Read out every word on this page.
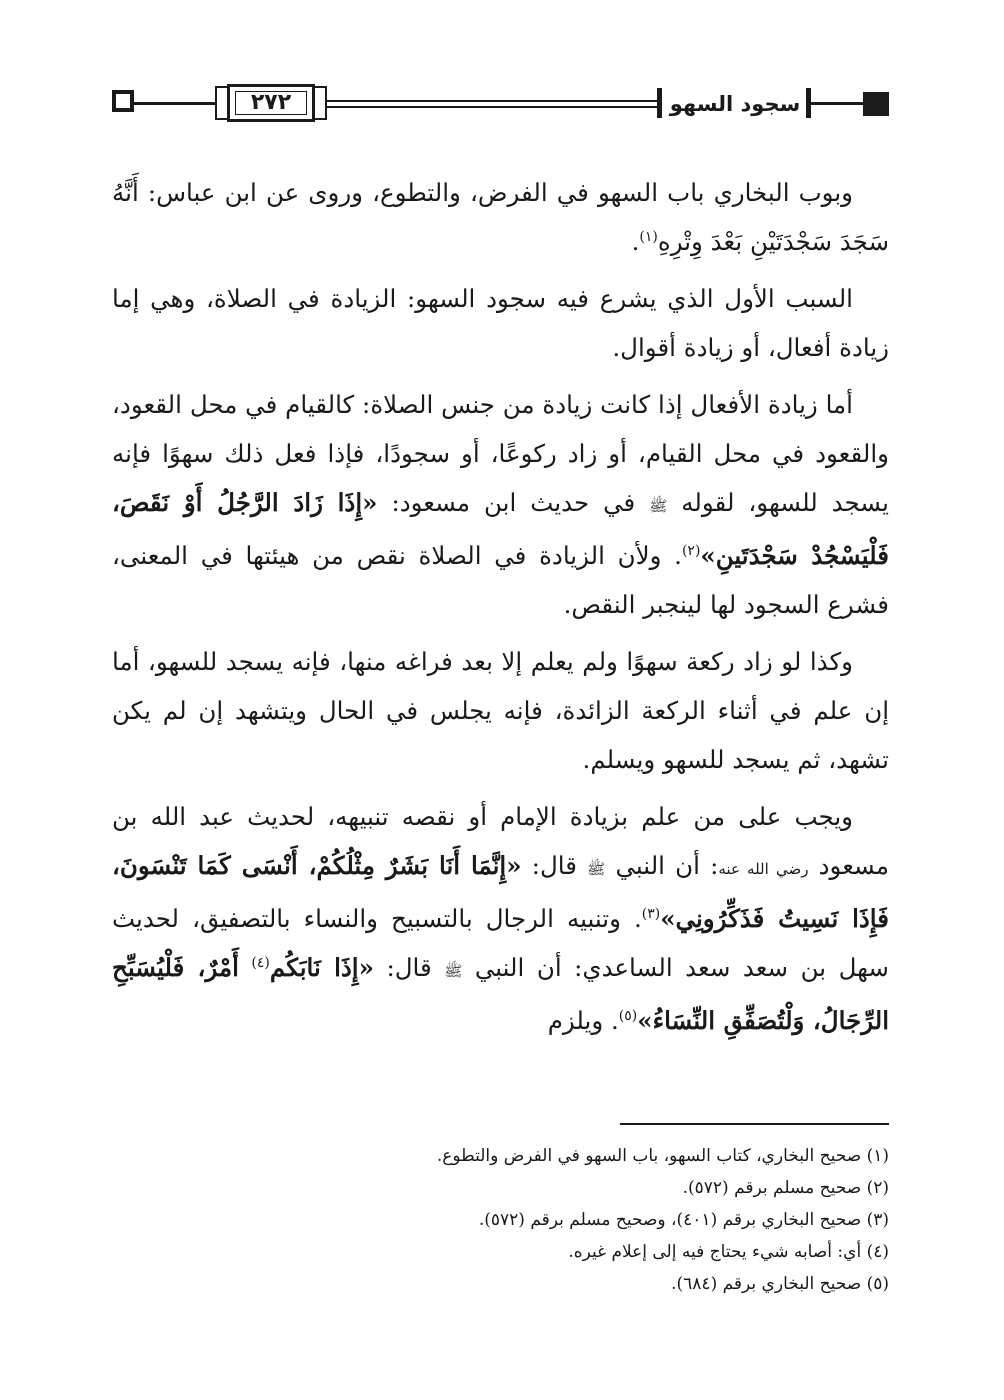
٢٧٢	سجود السهو

وبوب البخاري باب السهو في الفرض، والتطوع، وروى عن ابن عباس: أَنَّهُ سَجَدَ سَجْدَتَيْنِ بَعْدَ وِتْرِهِ$^{(١)}$.

السبب الأول الذي يشرع فيه سجود السهو: الزيادة في الصلاة، وهي إما زيادة أفعال، أو زيادة أقوال.

أما زيادة الأفعال إذا كانت زيادة من جنس الصلاة: كالقيام في محل القعود، والقعود في محل القيام، أو زاد ركوعًا، أو سجودًا، فإذا فعل ذلك سهوًا فإنه يسجد للسهو، لقوله ﷺ في حديث ابن مسعود: «إِذَا زَادَ الرَّجُلُ أَوْ نَقَصَ، فَلْيَسْجُدْ سَجْدَتَينِ»$^{(٢)}$. ولأن الزيادة في الصلاة نقص من هيئتها في المعنى، فشرع السجود لها لينجبر النقص.

وكذا لو زاد ركعة سهوًا ولم يعلم إلا بعد فراغه منها، فإنه يسجد للسهو، أما إن علم في أثناء الركعة الزائدة، فإنه يجلس في الحال ويتشهد إن لم يكن تشهد، ثم يسجد للسهو ويسلم.

ويجب على من علم بزيادة الإمام أو نقصه تنبيهه، لحديث عبد الله بن مسعود رضي الله عنه: أن النبي ﷺ قال: «إِنَّمَا أَنَا بَشَرٌ مِثْلُكُمْ، أَنْسَى كَمَا تَنْسَونَ، فَإِذَا نَسِيتُ فَذَكِّرُونِي»$^{(٣)}$. وتنبيه الرجال بالتسبيح والنساء بالتصفيق، لحديث سهل بن سعد سعد الساعدي: أن النبي ﷺ قال: «إِذَا نَابَكُم$^{(٤)}$ أَمْرٌ، فَلْيُسَبِّحِ الرِّجَالُ، وَلْتُصَفِّقِ النِّسَاءُ»$^{(٥)}$. ويلزم

(١) صحيح البخاري، كتاب السهو، باب السهو في الفرض والتطوع.
(٢) صحيح مسلم برقم (٥٧٢).
(٣) صحيح البخاري برقم (٤٠١)، وصحيح مسلم برقم (٥٧٢).
(٤) أي: أصابه شيء يحتاج فيه إلى إعلام غيره.
(٥) صحيح البخاري برقم (٦٨٤).
